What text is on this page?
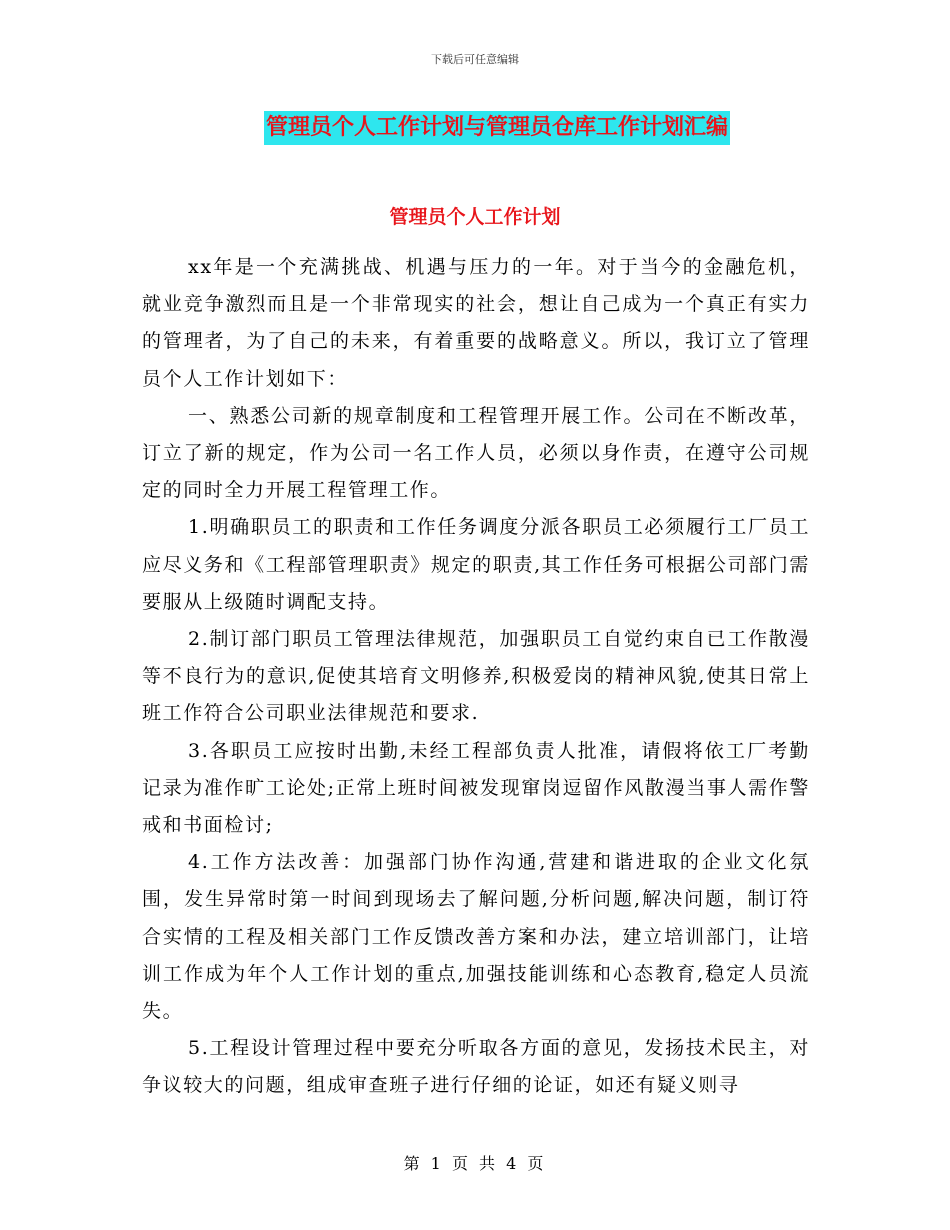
下载后可任意编辑
管理员个人工作计划与管理员仓库工作计划汇编
管理员个人工作计划

xx年是一个充满挑战、机遇与压力的一年。对于当今的金融危机，就业竞争激烈而且是一个非常现实的社会，想让自己成为一个真正有实力的管理者，为了自己的未来，有着重要的战略意义。所以，我订立了管理员个人工作计划如下：

一、熟悉公司新的规章制度和工程管理开展工作。公司在不断改革，订立了新的规定，作为公司一名工作人员，必须以身作责，在遵守公司规定的同时全力开展工程管理工作。

1.明确职员工的职责和工作任务调度分派各职员工必须履行工厂员工应尽义务和《工程部管理职责》规定的职责,其工作任务可根据公司部门需要服从上级随时调配支持。

2.制订部门职员工管理法律规范，加强职员工自觉约束自已工作散漫等不良行为的意识,促使其培育文明修养,积极爱岗的精神风貌,使其日常上班工作符合公司职业法律规范和要求.

3.各职员工应按时出勤,未经工程部负责人批准，请假将依工厂考勤记录为准作旷工论处;正常上班时间被发现窜岗逗留作风散漫当事人需作警戒和书面检讨;

4.工作方法改善：加强部门协作沟通,营建和谐进取的企业文化氛围，发生异常时第一时间到现场去了解问题,分析问题,解决问题，制订符合实情的工程及相关部门工作反馈改善方案和办法，建立培训部门，让培训工作成为年个人工作计划的重点,加强技能训练和心态教育,稳定人员流失。

5.工程设计管理过程中要充分听取各方面的意见，发扬技术民主，对争议较大的问题，组成审查班子进行仔细的论证，如还有疑义则寻

第 1 页 共 4 页
